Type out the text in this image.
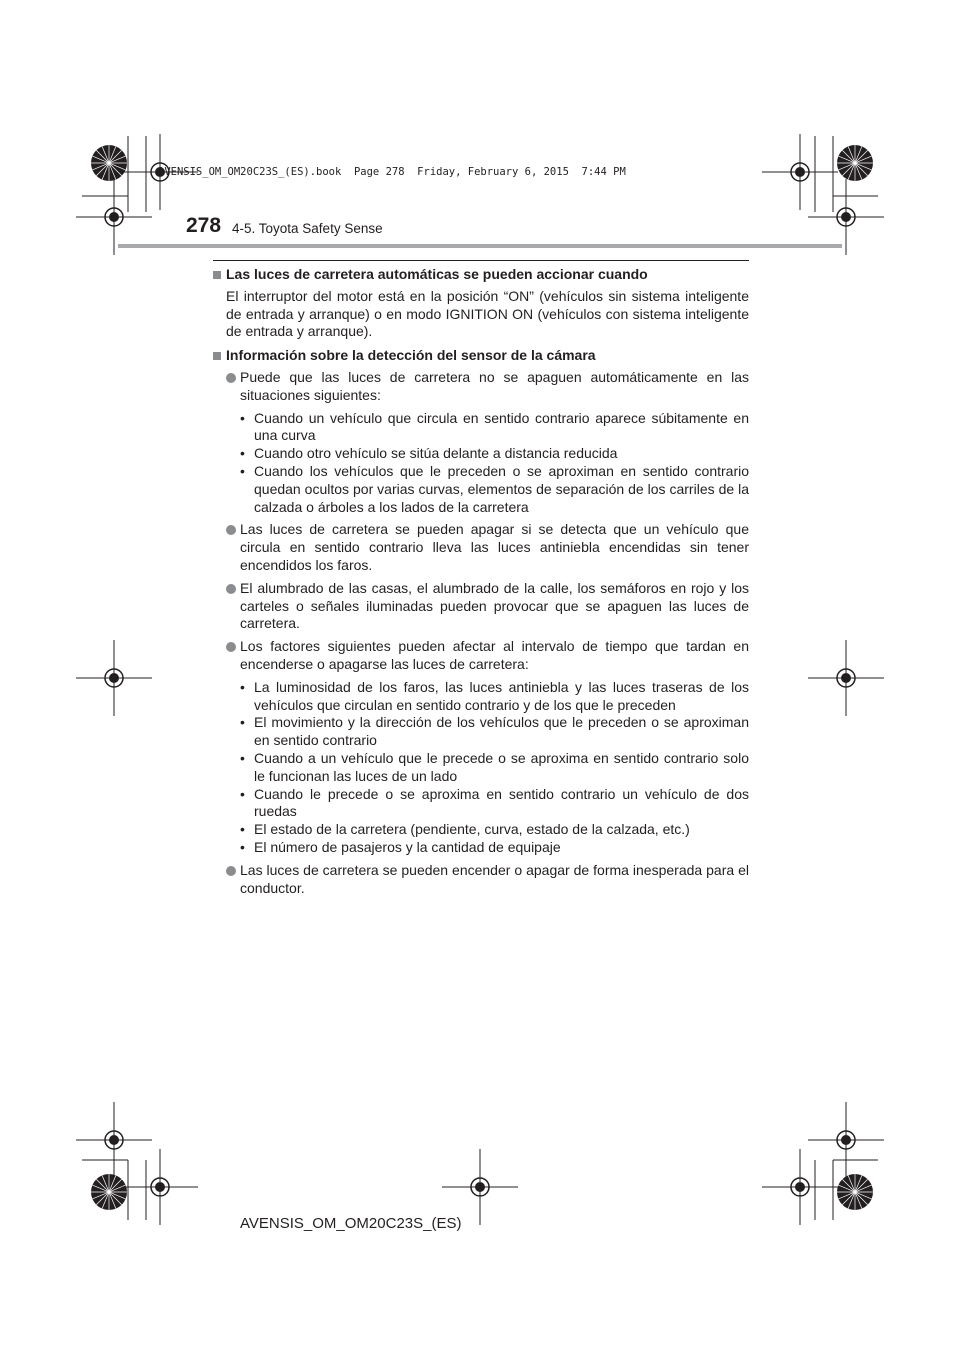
AVENSIS_OM_OM20C23S_(ES).book  Page 278  Friday, February 6, 2015  7:44 PM
278 4-5. Toyota Safety Sense
Las luces de carretera automáticas se pueden accionar cuando
El interruptor del motor está en la posición “ON” (vehículos sin sistema inteligente de entrada y arranque) o en modo IGNITION ON (vehículos con sistema inteligente de entrada y arranque).
Información sobre la detección del sensor de la cámara
Puede que las luces de carretera no se apaguen automáticamente en las situaciones siguientes:
• Cuando un vehículo que circula en sentido contrario aparece súbitamente en una curva
• Cuando otro vehículo se sitúa delante a distancia reducida
• Cuando los vehículos que le preceden o se aproximan en sentido contrario quedan ocultos por varias curvas, elementos de separación de los carriles de la calzada o árboles a los lados de la carretera
Las luces de carretera se pueden apagar si se detecta que un vehículo que circula en sentido contrario lleva las luces antiniebla encendidas sin tener encendidos los faros.
El alumbrado de las casas, el alumbrado de la calle, los semáforos en rojo y los carteles o señales iluminadas pueden provocar que se apaguen las luces de carretera.
Los factores siguientes pueden afectar al intervalo de tiempo que tardan en encenderse o apagarse las luces de carretera:
• La luminosidad de los faros, las luces antiniebla y las luces traseras de los vehículos que circulan en sentido contrario y de los que le preceden
• El movimiento y la dirección de los vehículos que le preceden o se aproximan en sentido contrario
• Cuando a un vehículo que le precede o se aproxima en sentido contrario solo le funcionan las luces de un lado
• Cuando le precede o se aproxima en sentido contrario un vehículo de dos ruedas
• El estado de la carretera (pendiente, curva, estado de la calzada, etc.)
• El número de pasajeros y la cantidad de equipaje
Las luces de carretera se pueden encender o apagar de forma inesperada para el conductor.
AVENSIS_OM_OM20C23S_(ES)
